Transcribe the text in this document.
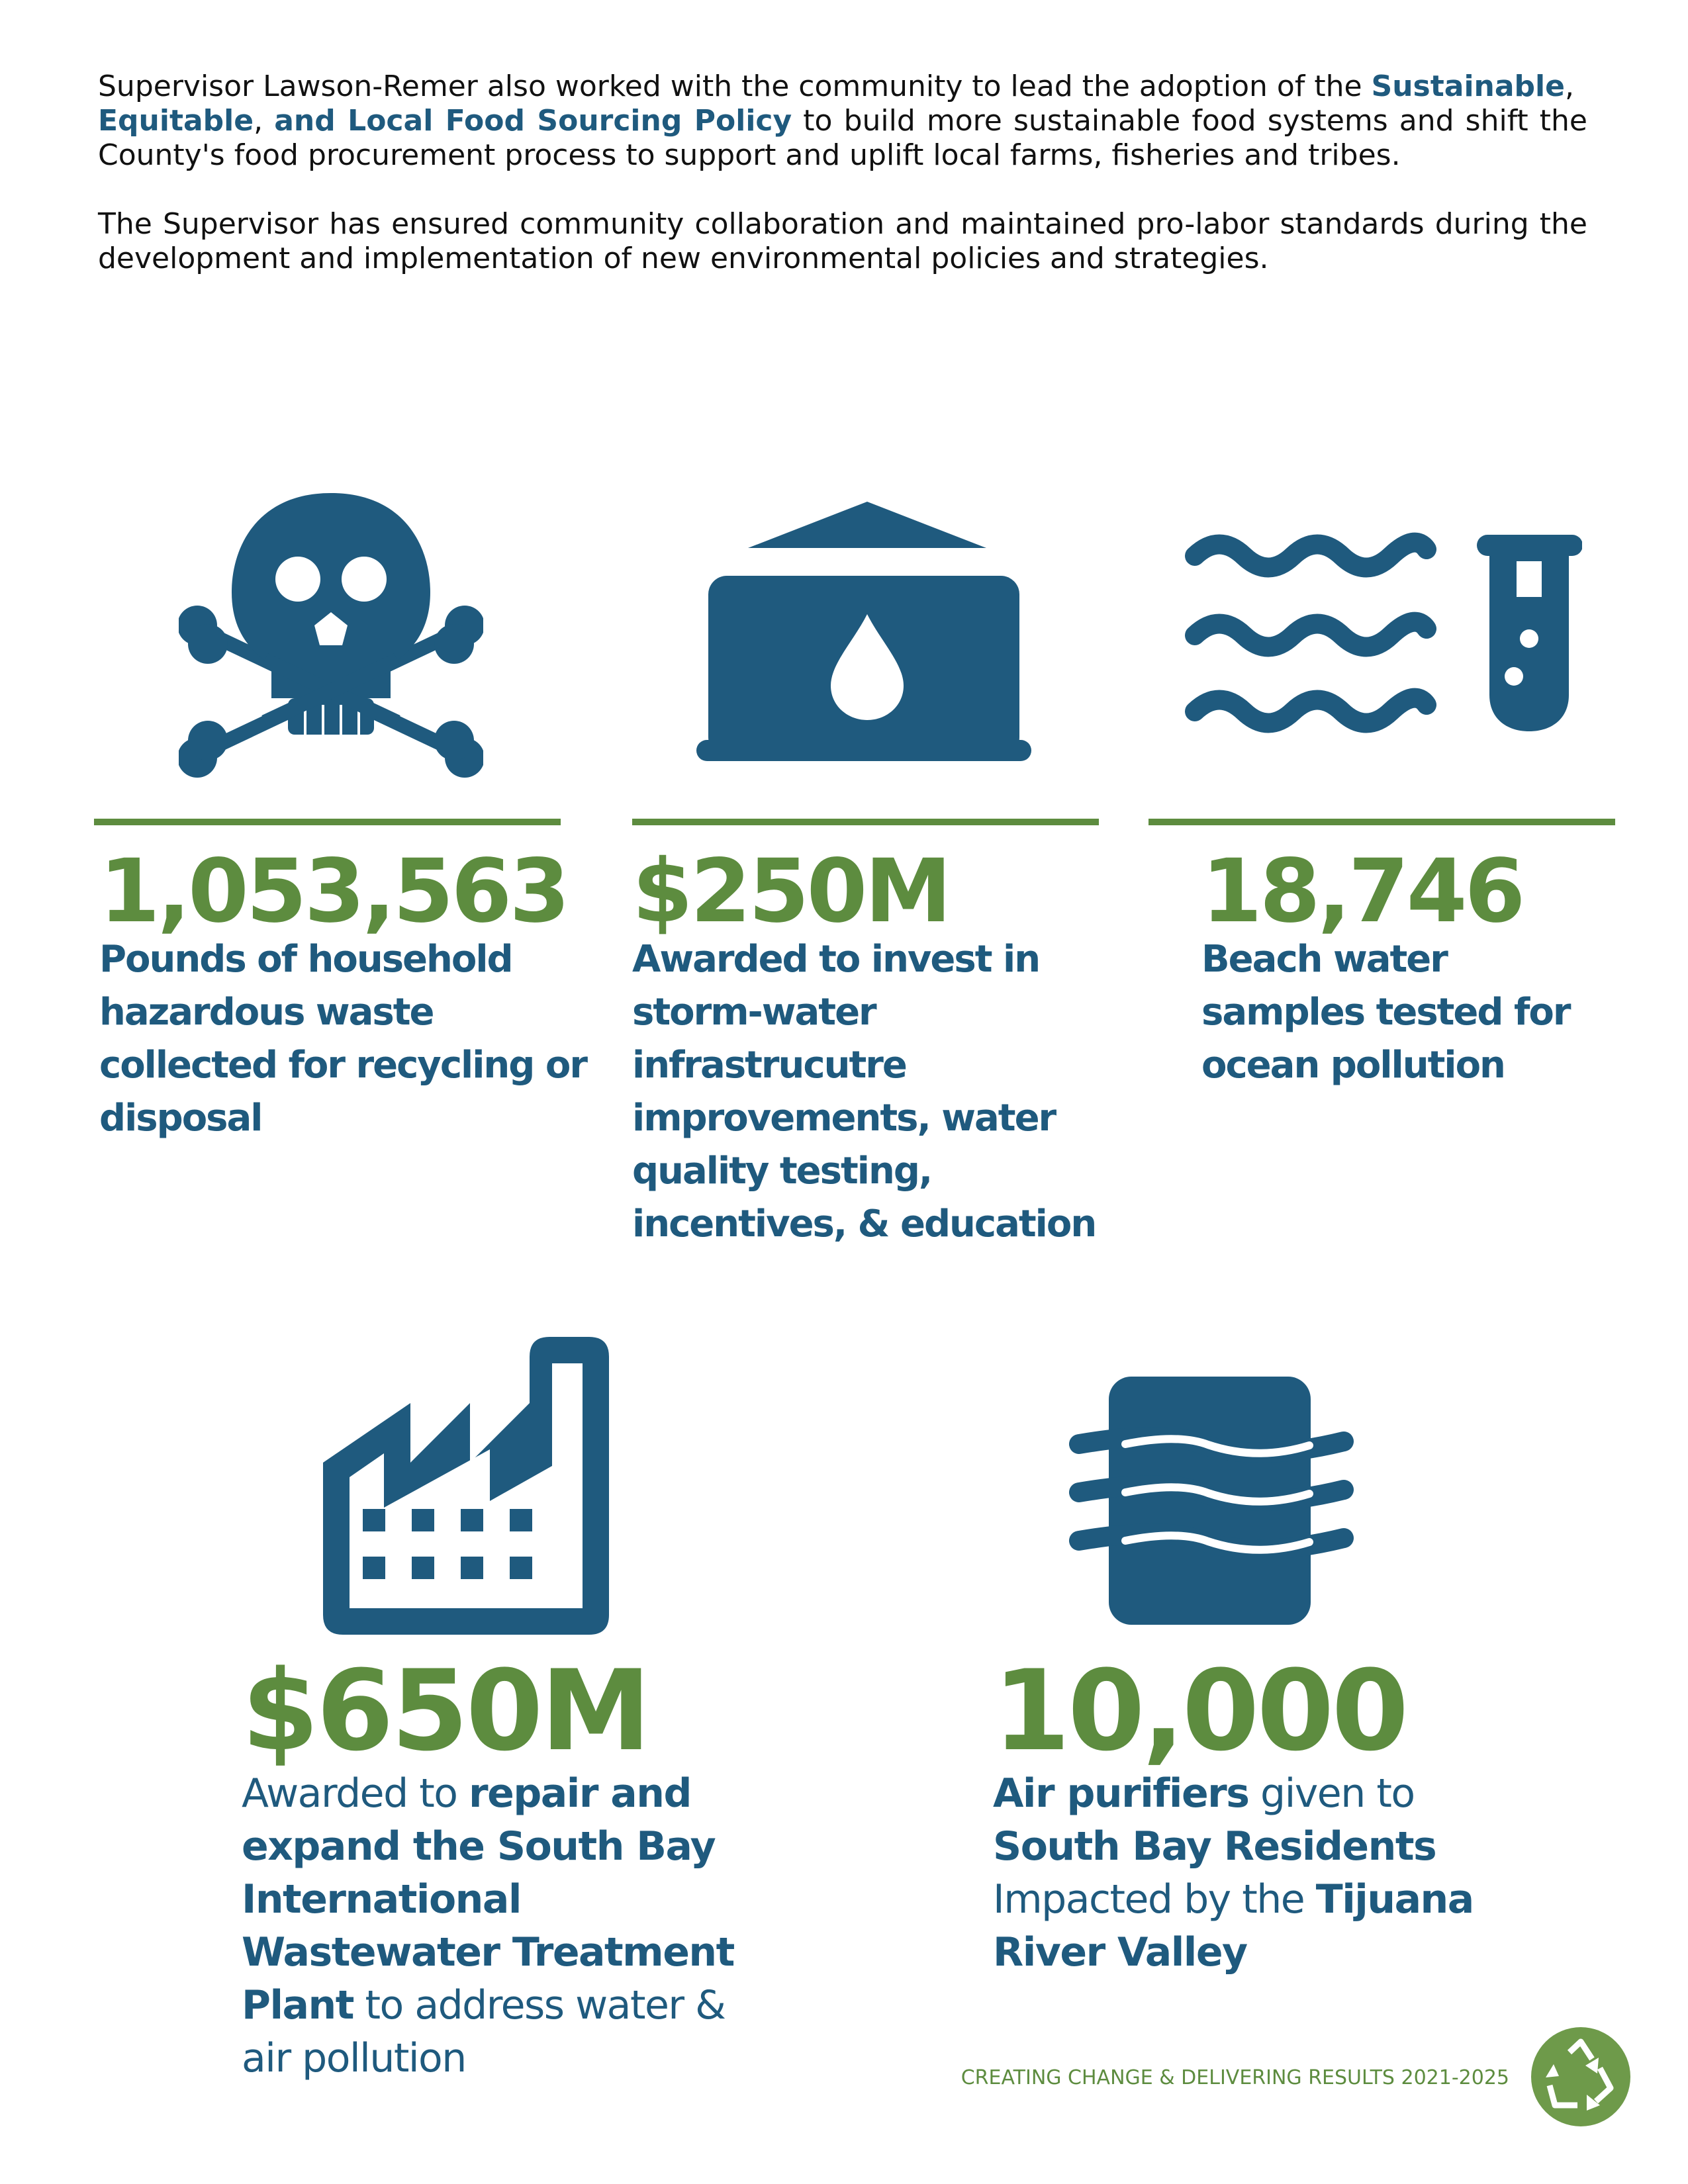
Supervisor Lawson-Remer also worked with the community to lead the adoption of the Sustainable,
Equitable, and Local Food Sourcing Policy to build more sustainable food systems and shift the County's food procurement process to support and uplift local farms, fisheries and tribes.

The Supervisor has ensured community collaboration and maintained pro-labor standards during the development and implementation of new environmental policies and strategies.

1,053,563
Pounds of household hazardous waste collected for recycling or disposal
$250M
Awarded to invest in storm-water infrastrucutre improvements, water quality testing, incentives, & education
18,746
Beach water samples tested for ocean pollution
$650M
Awarded to repair and expand the South Bay International Wastewater Treatment Plant to address water & air pollution
10,000
Air purifiers given to South Bay Residents Impacted by the Tijuana River Valley
CREATING CHANGE & DELIVERING RESULTS 2021-2025
